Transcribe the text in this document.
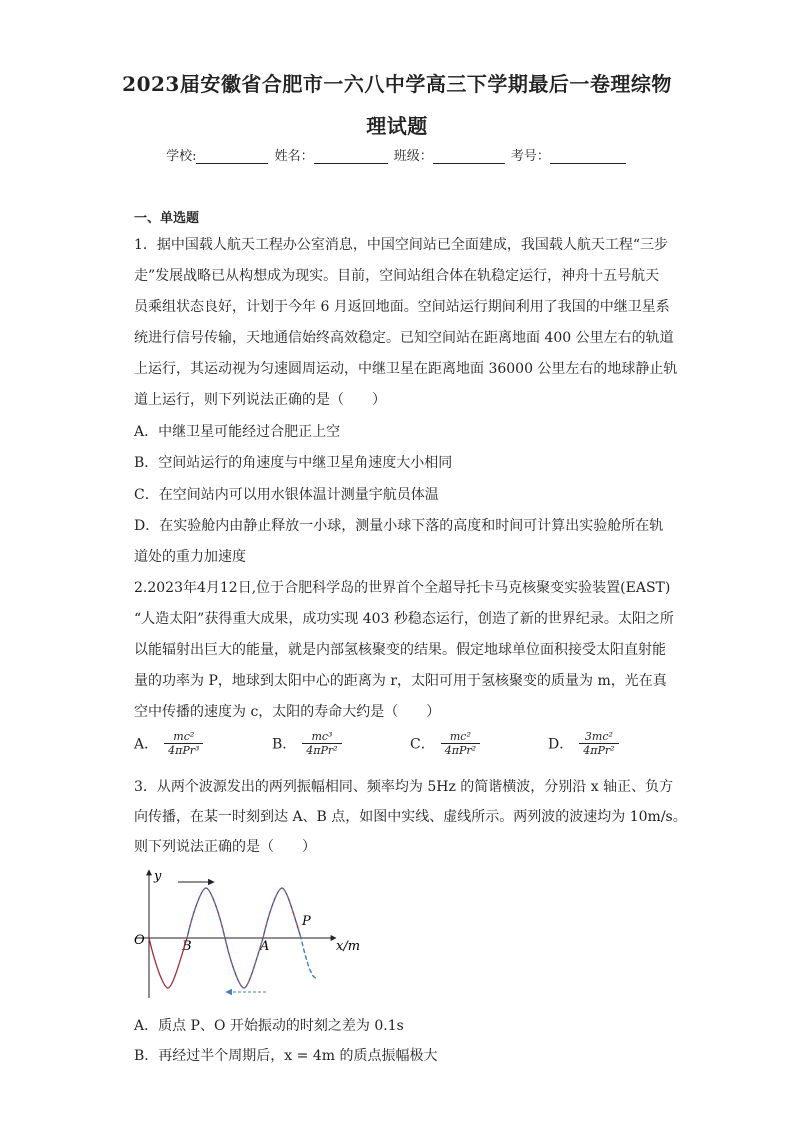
2023届安徽省合肥市一六八中学高三下学期最后一卷理综物
理试题
学校:	姓名：	班级：	考号：
一、单选题
1．据中国载人航天工程办公室消息，中国空间站已全面建成，我国载人航天工程“三步
走”发展战略已从构想成为现实。目前，空间站组合体在轨稳定运行，神舟十五号航天
员乘组状态良好，计划于今年 6 月返回地面。空间站运行期间利用了我国的中继卫星系
统进行信号传输，天地通信始终高效稳定。已知空间站在距离地面 400 公里左右的轨道
上运行，其运动视为匀速圆周运动，中继卫星在距离地面 36000 公里左右的地球静止轨
道上运行，则下列说法正确的是（　　）
A．中继卫星可能经过合肥正上空
B．空间站运行的角速度与中继卫星角速度大小相同
C．在空间站内可以用水银体温计测量宇航员体温
D．在实验舱内由静止释放一小球，测量小球下落的高度和时间可计算出实验舱所在轨
道处的重力加速度
2.2023年4月12日,位于合肥科学岛的世界首个全超导托卡马克核聚变实验装置(EAST)
“人造太阳”获得重大成果，成功实现 403 秒稳态运行，创造了新的世界纪录。太阳之所
以能辐射出巨大的能量，就是内部氢核聚变的结果。假定地球单位面积接受太阳直射能
量的功率为 P，地球到太阳中心的距离为 r，太阳可用于氢核聚变的质量为 m，光在真
空中传播的速度为 c，太阳的寿命大约是（　　）
A． $\frac{\text{mc²}}{\text{4πPr³}}$	B． $\frac{\text{mc³}}{\text{4πPr²}}$	C． $\frac{\text{mc²}}{\text{4πPr²}}$	D． $\frac{\text{3mc²}}{\text{4πPr²}}$
3．从两个波源发出的两列振幅相同、频率均为 5Hz 的简谐横波，分别沿 x 轴正、负方
向传播，在某一时刻到达 A、B 点，如图中实线、虚线所示。两列波的波速均为 10m/s。
则下列说法正确的是（　　）
y
x/m
O	B	A
P
A．质点 P、O 开始振动的时刻之差为 0.1s
B．再经过半个周期后，x = 4m 的质点振幅极大
